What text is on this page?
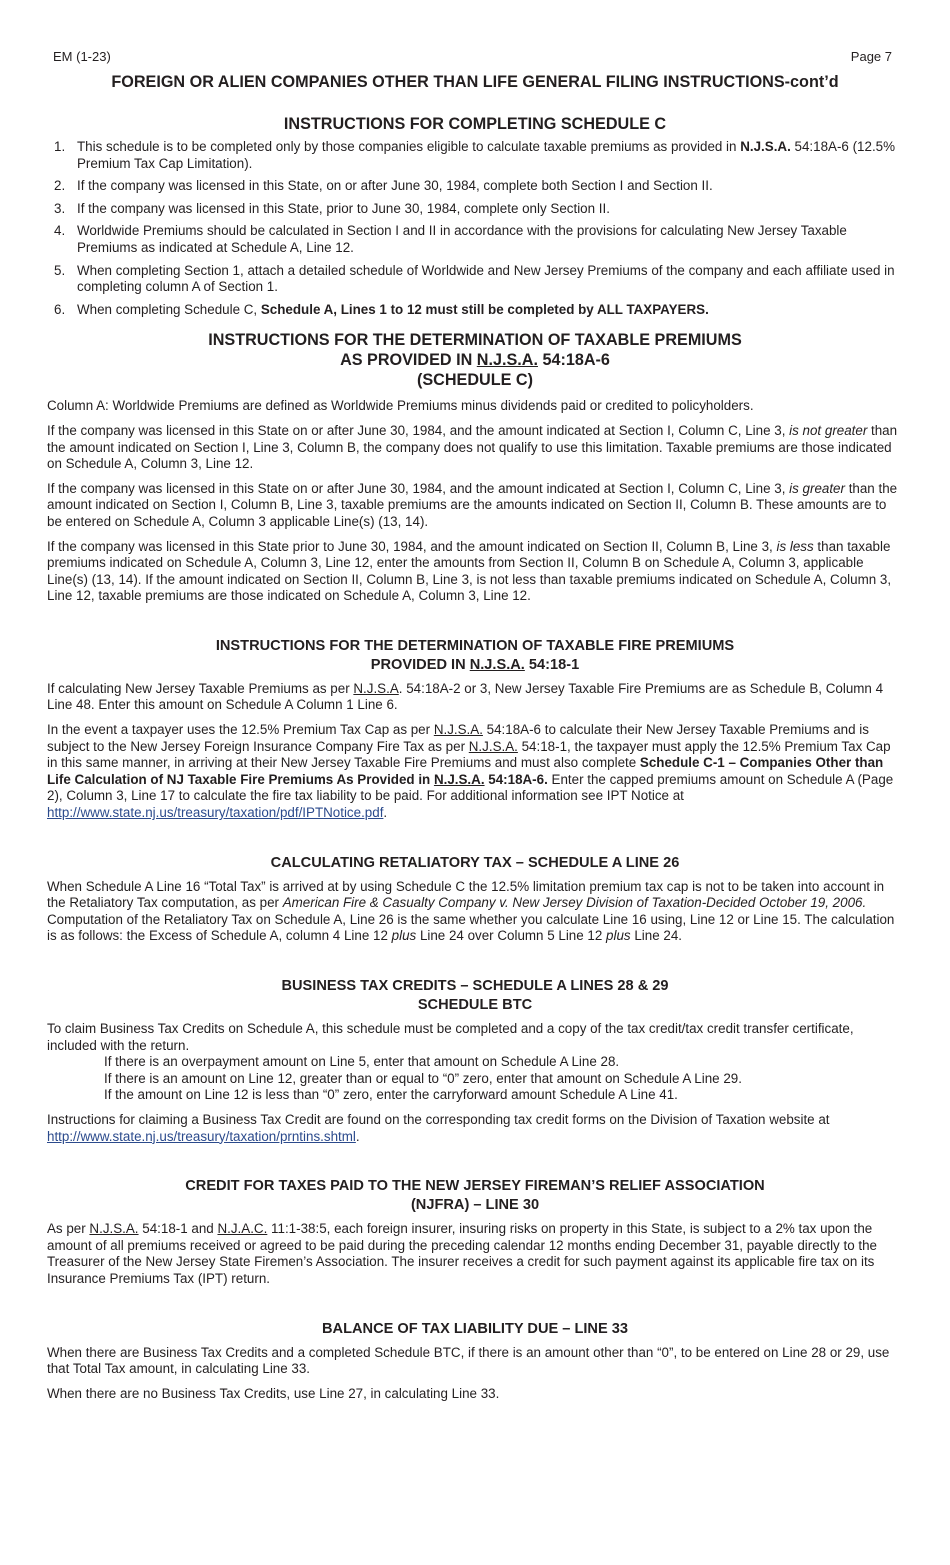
EM (1-23)	Page 7
FOREIGN OR ALIEN COMPANIES OTHER THAN LIFE GENERAL FILING INSTRUCTIONS-cont’d
INSTRUCTIONS FOR COMPLETING SCHEDULE C
1. This schedule is to be completed only by those companies eligible to calculate taxable premiums as provided in N.J.S.A. 54:18A-6 (12.5% Premium Tax Cap Limitation).
2. If the company was licensed in this State, on or after June 30, 1984, complete both Section I and Section II.
3. If the company was licensed in this State, prior to June 30, 1984, complete only Section II.
4. Worldwide Premiums should be calculated in Section I and II in accordance with the provisions for calculating New Jersey Taxable Premiums as indicated at Schedule A, Line 12.
5. When completing Section 1, attach a detailed schedule of Worldwide and New Jersey Premiums of the company and each affiliate used in completing column A of Section 1.
6. When completing Schedule C, Schedule A, Lines 1 to 12 must still be completed by ALL TAXPAYERS.
INSTRUCTIONS FOR THE DETERMINATION OF TAXABLE PREMIUMS
AS PROVIDED IN N.J.S.A. 54:18A-6
(SCHEDULE C)

Column A: Worldwide Premiums are defined as Worldwide Premiums minus dividends paid or credited to policyholders.

If the company was licensed in this State on or after June 30, 1984, and the amount indicated at Section I, Column C, Line 3, is not greater than the amount indicated on Section I, Line 3, Column B, the company does not qualify to use this limitation. Taxable premiums are those indicated on Schedule A, Column 3, Line 12.

If the company was licensed in this State on or after June 30, 1984, and the amount indicated at Section I, Column C, Line 3, is greater than the amount indicated on Section I, Column B, Line 3, taxable premiums are the amounts indicated on Section II, Column B. These amounts are to be entered on Schedule A, Column 3 applicable Line(s) (13, 14).

If the company was licensed in this State prior to June 30, 1984, and the amount indicated on Section II, Column B, Line 3, is less than taxable premiums indicated on Schedule A, Column 3, Line 12, enter the amounts from Section II, Column B on Schedule A, Column 3, applicable Line(s) (13, 14). If the amount indicated on Section II, Column B, Line 3, is not less than taxable premiums indicated on Schedule A, Column 3, Line 12, taxable premiums are those indicated on Schedule A, Column 3, Line 12.

INSTRUCTIONS FOR THE DETERMINATION OF TAXABLE FIRE PREMIUMS
PROVIDED IN N.J.S.A. 54:18-1

If calculating New Jersey Taxable Premiums as per N.J.S.A. 54:18A-2 or 3, New Jersey Taxable Fire Premiums are as Schedule B, Column 4 Line 48. Enter this amount on Schedule A Column 1 Line 6.

In the event a taxpayer uses the 12.5% Premium Tax Cap as per N.J.S.A. 54:18A-6 to calculate their New Jersey Taxable Premiums and is subject to the New Jersey Foreign Insurance Company Fire Tax as per N.J.S.A. 54:18-1, the taxpayer must apply the 12.5% Premium Tax Cap in this same manner, in arriving at their New Jersey Taxable Fire Premiums and must also complete Schedule C-1 – Companies Other than Life Calculation of NJ Taxable Fire Premiums As Provided in N.J.S.A. 54:18A-6. Enter the capped premiums amount on Schedule A (Page 2), Column 3, Line 17 to calculate the fire tax liability to be paid. For additional information see IPT Notice at http://www.state.nj.us/treasury/taxation/pdf/IPTNotice.pdf.

CALCULATING RETALIATORY TAX – SCHEDULE A LINE 26

When Schedule A Line 16 “Total Tax” is arrived at by using Schedule C the 12.5% limitation premium tax cap is not to be taken into account in the Retaliatory Tax computation, as per American Fire & Casualty Company v. New Jersey Division of Taxation-Decided October 19, 2006. Computation of the Retaliatory Tax on Schedule A, Line 26 is the same whether you calculate Line 16 using, Line 12 or Line 15. The calculation is as follows: the Excess of Schedule A, column 4 Line 12 plus Line 24 over Column 5 Line 12 plus Line 24.

BUSINESS TAX CREDITS – SCHEDULE A LINES 28 & 29
SCHEDULE BTC

To claim Business Tax Credits on Schedule A, this schedule must be completed and a copy of the tax credit/tax credit transfer certificate, included with the return.

If there is an overpayment amount on Line 5, enter that amount on Schedule A Line 28.
If there is an amount on Line 12, greater than or equal to “0” zero, enter that amount on Schedule A Line 29.
If the amount on Line 12 is less than “0” zero, enter the carryforward amount Schedule A Line 41.

Instructions for claiming a Business Tax Credit are found on the corresponding tax credit forms on the Division of Taxation website at http://www.state.nj.us/treasury/taxation/prntins.shtml.

CREDIT FOR TAXES PAID TO THE NEW JERSEY FIREMAN’S RELIEF ASSOCIATION
(NJFRA) – LINE 30

As per N.J.S.A. 54:18-1 and N.J.A.C. 11:1-38:5, each foreign insurer, insuring risks on property in this State, is subject to a 2% tax upon the amount of all premiums received or agreed to be paid during the preceding calendar 12 months ending December 31, payable directly to the Treasurer of the New Jersey State Firemen’s Association. The insurer receives a credit for such payment against its applicable fire tax on its Insurance Premiums Tax (IPT) return.

BALANCE OF TAX LIABILITY DUE – LINE 33

When there are Business Tax Credits and a completed Schedule BTC, if there is an amount other than “0”, to be entered on Line 28 or 29, use that Total Tax amount, in calculating Line 33.

When there are no Business Tax Credits, use Line 27, in calculating Line 33.
